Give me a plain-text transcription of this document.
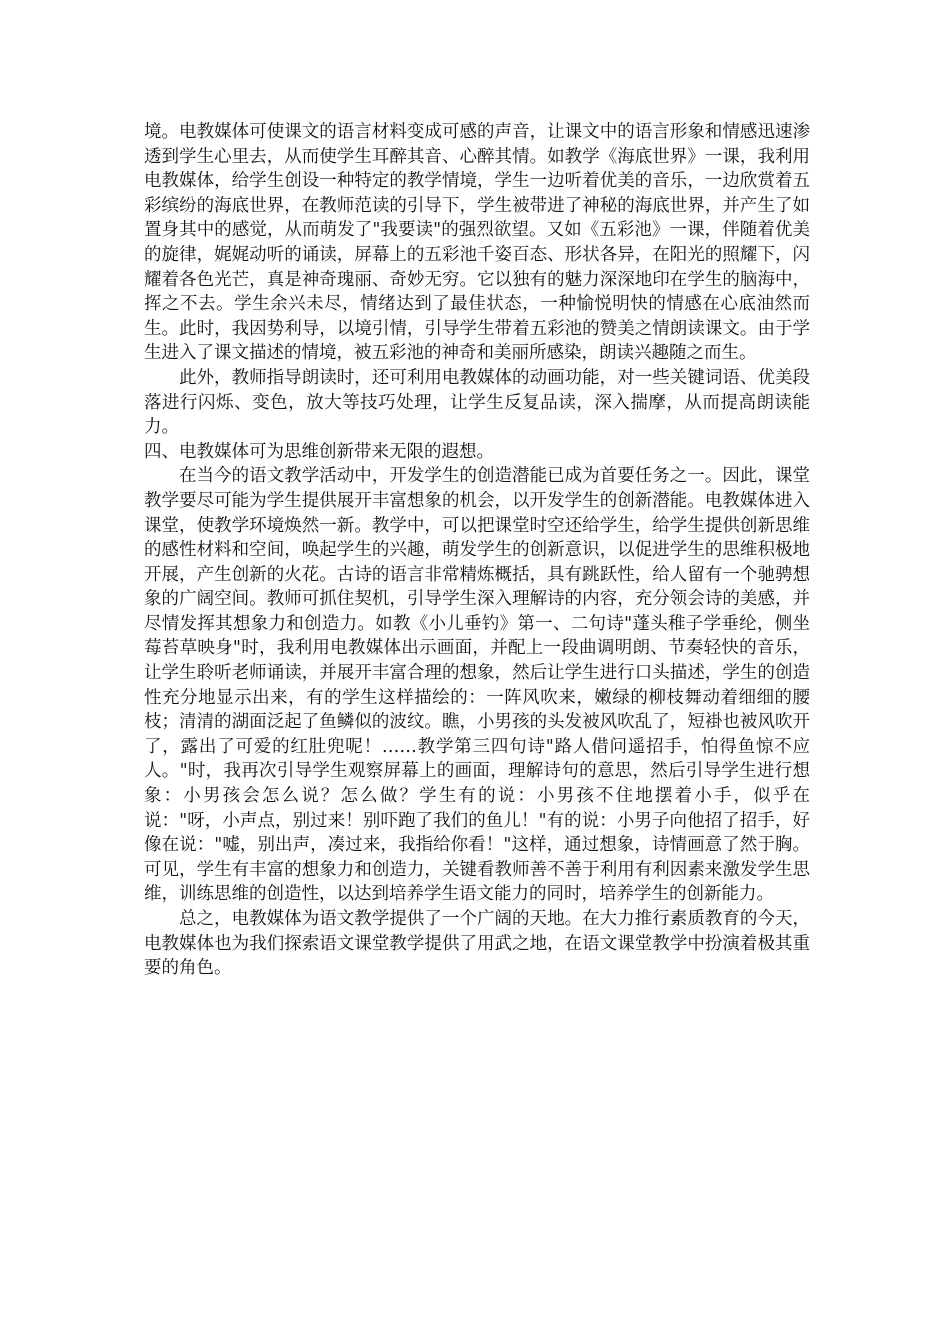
境。电教媒体可使课文的语言材料变成可感的声音，让课文中的语言形象和情感迅速渗透到学生心里去，从而使学生耳醉其音、心醉其情。如教学《海底世界》一课，我利用电教媒体，给学生创设一种特定的教学情境，学生一边听着优美的音乐，一边欣赏着五彩缤纷的海底世界，在教师范读的引导下，学生被带进了神秘的海底世界，并产生了如置身其中的感觉，从而萌发了"我要读"的强烈欲望。又如《五彩池》一课，伴随着优美的旋律，娓娓动听的诵读，屏幕上的五彩池千姿百态、形状各异，在阳光的照耀下，闪耀着各色光芒，真是神奇瑰丽、奇妙无穷。它以独有的魅力深深地印在学生的脑海中，挥之不去。学生余兴未尽，情绪达到了最佳状态，一种愉悦明快的情感在心底油然而生。此时，我因势利导，以境引情，引导学生带着五彩池的赞美之情朗读课文。由于学生进入了课文描述的情境，被五彩池的神奇和美丽所感染，朗读兴趣随之而生。

此外，教师指导朗读时，还可利用电教媒体的动画功能，对一些关键词语、优美段落进行闪烁、变色，放大等技巧处理，让学生反复品读，深入揣摩，从而提高朗读能力。

四、电教媒体可为思维创新带来无限的遐想。

在当今的语文教学活动中，开发学生的创造潜能已成为首要任务之一。因此，课堂教学要尽可能为学生提供展开丰富想象的机会，以开发学生的创新潜能。电教媒体进入课堂，使教学环境焕然一新。教学中，可以把课堂时空还给学生，给学生提供创新思维的感性材料和空间，唤起学生的兴趣，萌发学生的创新意识，以促进学生的思维积极地开展，产生创新的火花。古诗的语言非常精炼概括，具有跳跃性，给人留有一个驰骋想象的广阔空间。教师可抓住契机，引导学生深入理解诗的内容，充分领会诗的美感，并尽情发挥其想象力和创造力。如教《小儿垂钓》第一、二句诗"蓬头稚子学垂纶，侧坐莓苔草映身"时，我利用电教媒体出示画面，并配上一段曲调明朗、节奏轻快的音乐，让学生聆听老师诵读，并展开丰富合理的想象，然后让学生进行口头描述，学生的创造性充分地显示出来，有的学生这样描绘的：一阵风吹来，嫩绿的柳枝舞动着细细的腰枝；清清的湖面泛起了鱼鳞似的波纹。瞧，小男孩的头发被风吹乱了，短褂也被风吹开了，露出了可爱的红肚兜呢！……教学第三四句诗"路人借问遥招手，怕得鱼惊不应人。"时，我再次引导学生观察屏幕上的画面，理解诗句的意思，然后引导学生进行想象：小男孩会怎么说？怎么做？学生有的说：小男孩不住地摆着小手，似乎在说："呀，小声点，别过来！别吓跑了我们的鱼儿！"有的说：小男子向他招了招手，好像在说："嘘，别出声，凑过来，我指给你看！"这样，通过想象，诗情画意了然于胸。可见，学生有丰富的想象力和创造力，关键看教师善不善于利用有利因素来激发学生思维，训练思维的创造性，以达到培养学生语文能力的同时，培养学生的创新能力。

总之，电教媒体为语文教学提供了一个广阔的天地。在大力推行素质教育的今天，电教媒体也为我们探索语文课堂教学提供了用武之地，在语文课堂教学中扮演着极其重要的角色。
